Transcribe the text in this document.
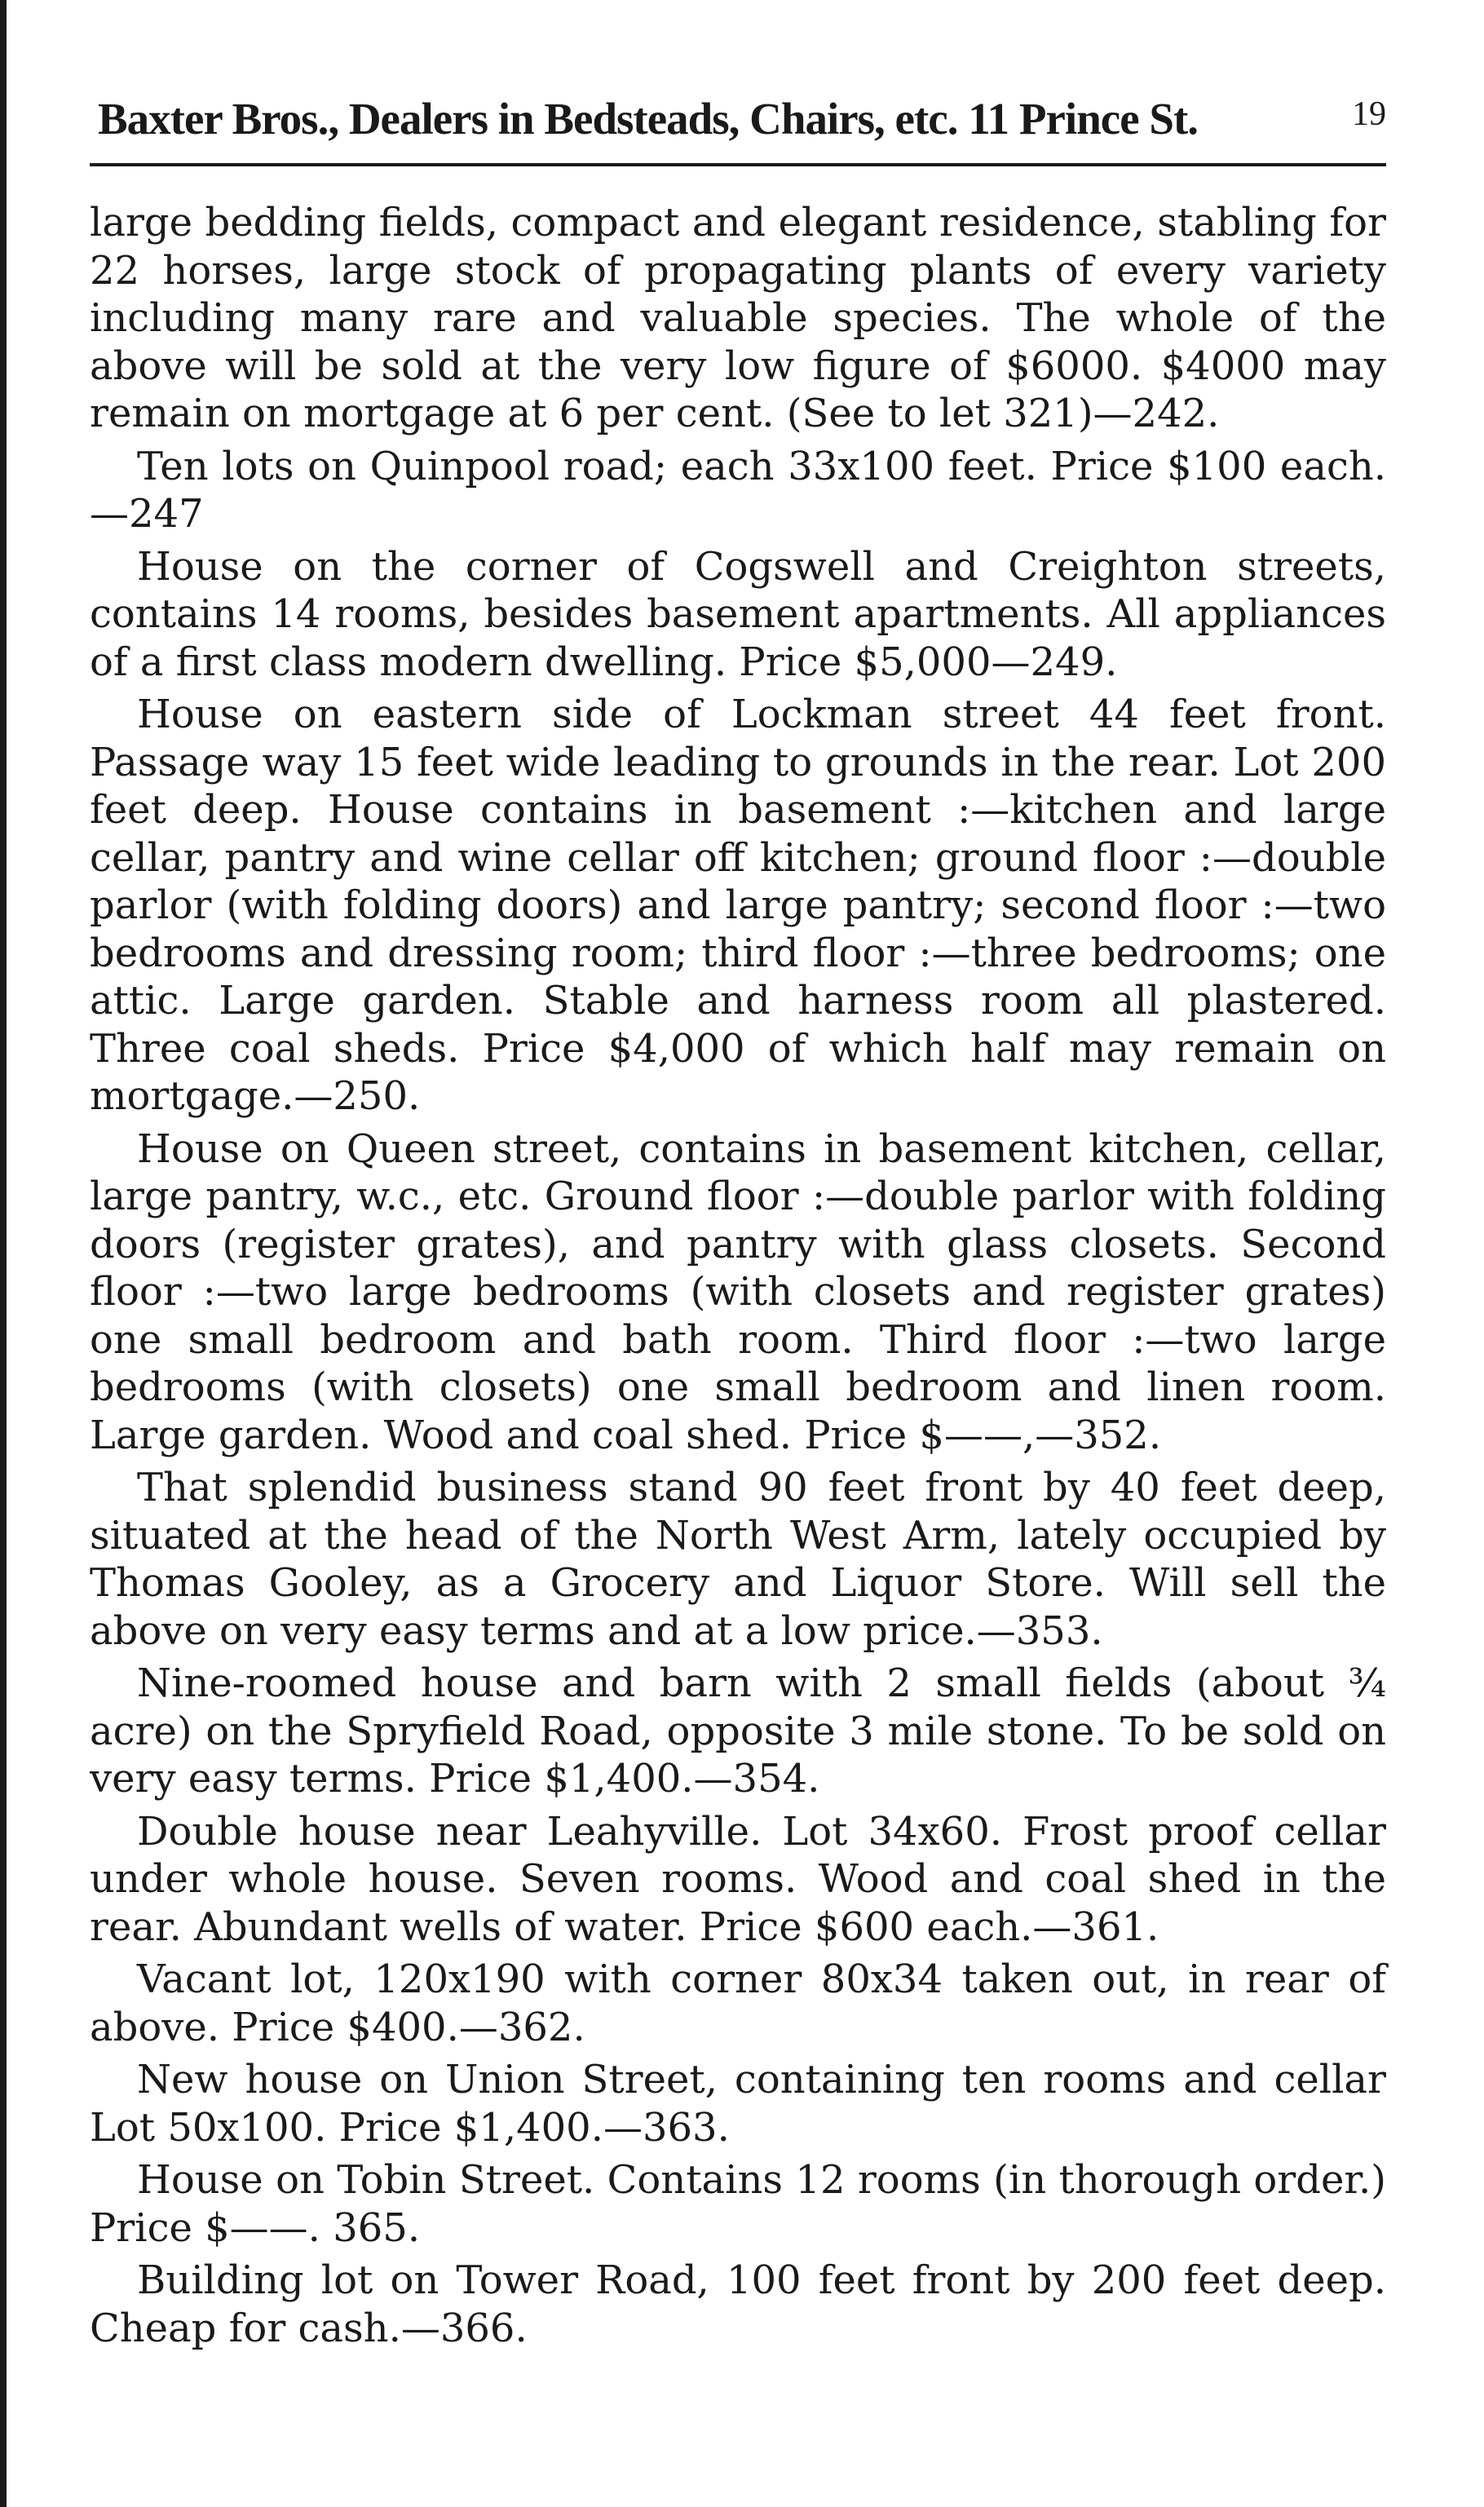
Baxter Bros., Dealers in Bedsteads, Chairs, etc. 11 Prince St.	19

large bedding fields, compact and elegant residence, stabling for 22 horses, large stock of propagating plants of every variety including many rare and valuable species. The whole of the above will be sold at the very low figure of $6000. $4000 may remain on mortgage at 6 per cent. (See to let 321)—242.

Ten lots on Quinpool road; each 33x100 feet. Price $100 each. —247

House on the corner of Cogswell and Creighton streets, contains 14 rooms, besides basement apartments. All appliances of a first class modern dwelling. Price $5,000—249.

House on eastern side of Lockman street 44 feet front. Passage way 15 feet wide leading to grounds in the rear. Lot 200 feet deep. House contains in basement :—kitchen and large cellar, pantry and wine cellar off kitchen; ground floor :—double parlor (with folding doors) and large pantry; second floor :—two bedrooms and dressing room; third floor :—three bedrooms; one attic. Large garden. Stable and harness room all plastered. Three coal sheds. Price $4,000 of which half may remain on mortgage.—250.

House on Queen street, contains in basement kitchen, cellar, large pantry, w.c., etc. Ground floor :—double parlor with folding doors (register grates), and pantry with glass closets. Second floor :—two large bedrooms (with closets and register grates) one small bedroom and bath room. Third floor :—two large bedrooms (with closets) one small bedroom and linen room. Large garden. Wood and coal shed. Price $——,—352.

That splendid business stand 90 feet front by 40 feet deep, situated at the head of the North West Arm, lately occupied by Thomas Gooley, as a Grocery and Liquor Store. Will sell the above on very easy terms and at a low price.—353.

Nine-roomed house and barn with 2 small fields (about ¾ acre) on the Spryfield Road, opposite 3 mile stone. To be sold on very easy terms. Price $1,400.—354.

Double house near Leahyville. Lot 34x60. Frost proof cellar under whole house. Seven rooms. Wood and coal shed in the rear. Abundant wells of water. Price $600 each.—361.

Vacant lot, 120x190 with corner 80x34 taken out, in rear of above. Price $400.—362.

New house on Union Street, containing ten rooms and cellar Lot 50x100. Price $1,400.—363.

House on Tobin Street. Contains 12 rooms (in thorough order.) Price $——. 365.

Building lot on Tower Road, 100 feet front by 200 feet deep. Cheap for cash.—366.
